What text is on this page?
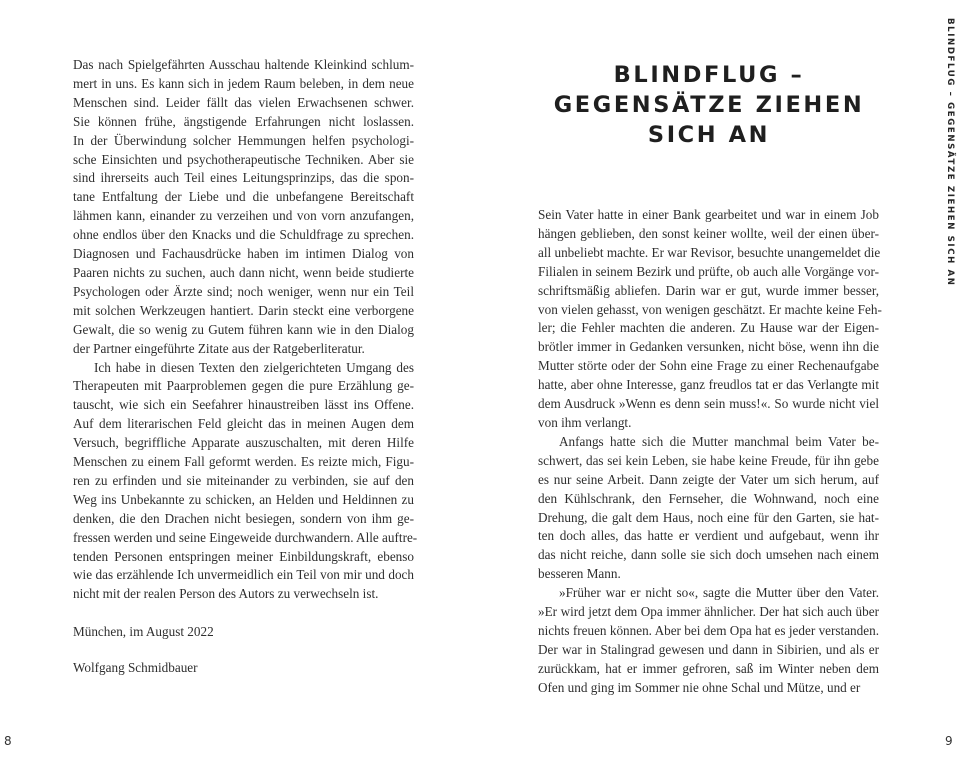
Das nach Spielgefährten Ausschau haltende Kleinkind schlum-
mert in uns. Es kann sich in jedem Raum beleben, in dem neue
Menschen sind. Leider fällt das vielen Erwachsenen schwer.
Sie können frühe, ängstigende Erfahrungen nicht loslassen.
In der Überwindung solcher Hemmungen helfen psychologi-
sche Einsichten und psychotherapeutische Techniken. Aber sie
sind ihrerseits auch Teil eines Leitungsprinzips, das die spon-
tane Entfaltung der Liebe und die unbefangene Bereitschaft
lähmen kann, einander zu verzeihen und von vorn anzufangen,
ohne endlos über den Knacks und die Schuldfrage zu sprechen.
Diagnosen und Fachausdrücke haben im intimen Dialog von
Paaren nichts zu suchen, auch dann nicht, wenn beide studierte
Psychologen oder Ärzte sind; noch weniger, wenn nur ein Teil
mit solchen Werkzeugen hantiert. Darin steckt eine verborgene
Gewalt, die so wenig zu Gutem führen kann wie in den Dialog
der Partner eingeführte Zitate aus der Ratgeberliteratur.

Ich habe in diesen Texten den zielgerichteten Umgang des
Therapeuten mit Paarproblemen gegen die pure Erzählung ge-
tauscht, wie sich ein Seefahrer hinaustreiben lässt ins Offene.
Auf dem literarischen Feld gleicht das in meinen Augen dem
Versuch, begriffliche Apparate auszuschalten, mit deren Hilfe
Menschen zu einem Fall geformt werden. Es reizte mich, Figu-
ren zu erfinden und sie miteinander zu verbinden, sie auf den
Weg ins Unbekannte zu schicken, an Helden und Heldinnen zu
denken, die den Drachen nicht besiegen, sondern von ihm ge-
fressen werden und seine Eingeweide durchwandern. Alle auftre-
tenden Personen entspringen meiner Einbildungskraft, ebenso
wie das erzählende Ich unvermeidlich ein Teil von mir und doch
nicht mit der realen Person des Autors zu verwechseln ist.

München, im August 2022
Wolfgang Schmidbauer
8
BLINDFLUG –
GEGENSÄTZE ZIEHEN
SICH AN

Sein Vater hatte in einer Bank gearbeitet und war in einem Job
hängen geblieben, den sonst keiner wollte, weil der einen über-
all unbeliebt machte. Er war Revisor, besuchte unangemeldet die
Filialen in seinem Bezirk und prüfte, ob auch alle Vorgänge vor-
schriftsmäßig abliefen. Darin war er gut, wurde immer besser,
von vielen gehasst, von wenigen geschätzt. Er machte keine Feh-
ler; die Fehler machten die anderen. Zu Hause war der Eigen-
brötler immer in Gedanken versunken, nicht böse, wenn ihn die
Mutter störte oder der Sohn eine Frage zu einer Rechenaufgabe
hatte, aber ohne Interesse, ganz freudlos tat er das Verlangte mit
dem Ausdruck »Wenn es denn sein muss!«. So wurde nicht viel
von ihm verlangt.

Anfangs hatte sich die Mutter manchmal beim Vater be-
schwert, das sei kein Leben, sie habe keine Freude, für ihn gebe
es nur seine Arbeit. Dann zeigte der Vater um sich herum, auf
den Kühlschrank, den Fernseher, die Wohnwand, noch eine
Drehung, die galt dem Haus, noch eine für den Garten, sie hat-
ten doch alles, das hatte er verdient und aufgebaut, wenn ihr
das nicht reiche, dann solle sie sich doch umsehen nach einem
besseren Mann.

»Früher war er nicht so«, sagte die Mutter über den Vater.
»Er wird jetzt dem Opa immer ähnlicher. Der hat sich auch über
nichts freuen können. Aber bei dem Opa hat es jeder verstanden.
Der war in Stalingrad gewesen und dann in Sibirien, und als er
zurückkam, hat er immer gefroren, saß im Winter neben dem
Ofen und ging im Sommer nie ohne Schal und Mütze, und er

BLINDFLUG – GEGENSÄTZE ZIEHEN SICH AN
9
